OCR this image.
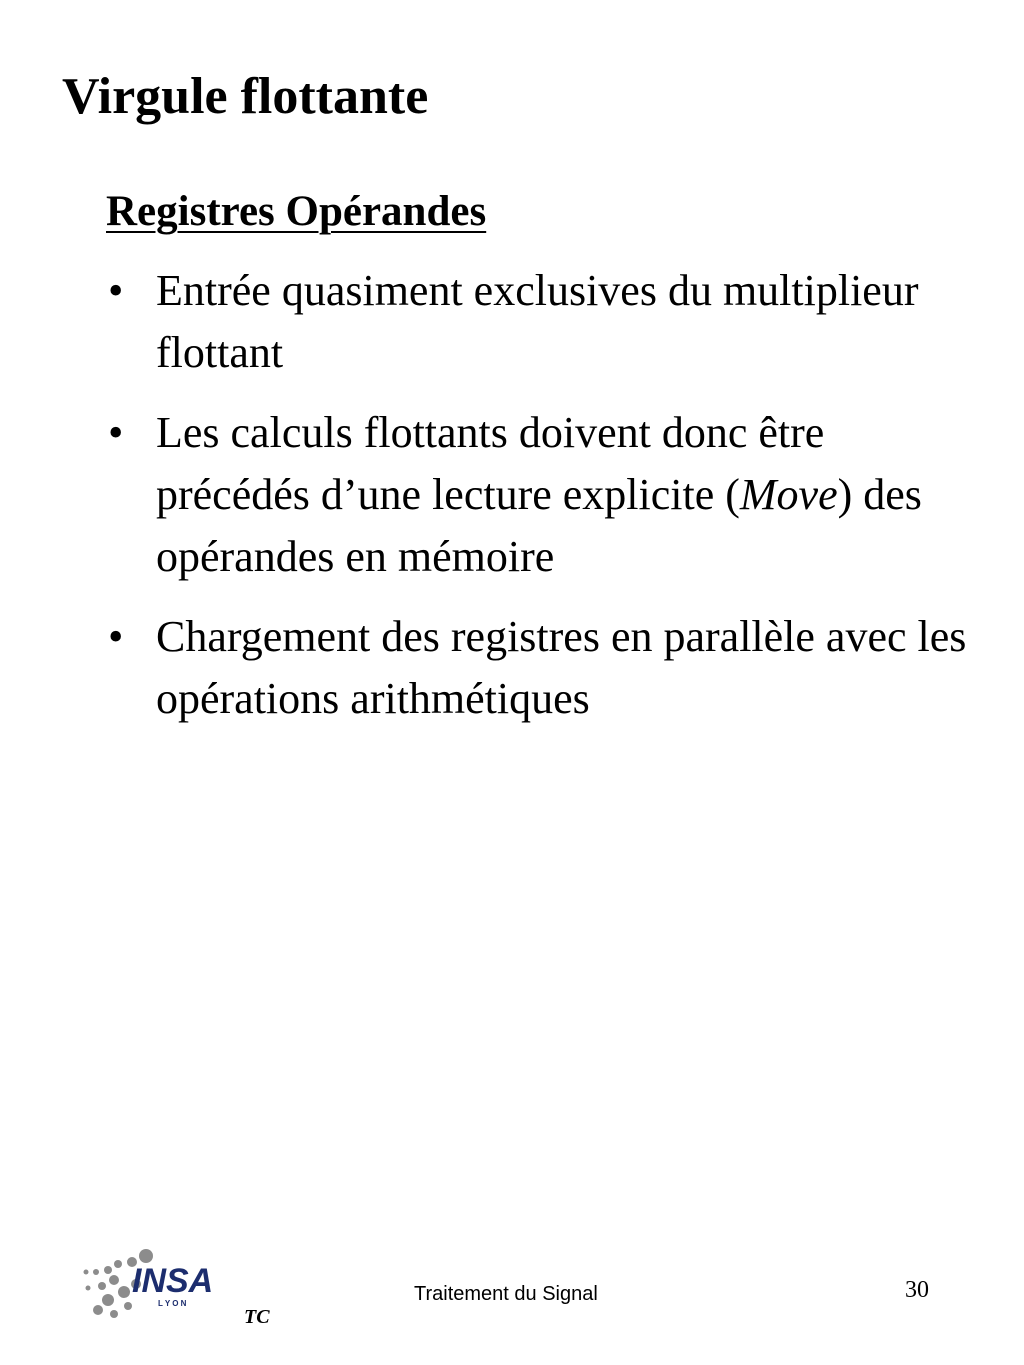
Virgule flottante
Registres Opérandes
• Entrée quasiment exclusives du multiplieur flottant
• Les calculs flottants doivent donc être précédés d’une lecture explicite (Move) des opérandes en mémoire
• Chargement des registres en parallèle avec les opérations arithmétiques
INSA
L Y O N
TC
Traitement du Signal	30
